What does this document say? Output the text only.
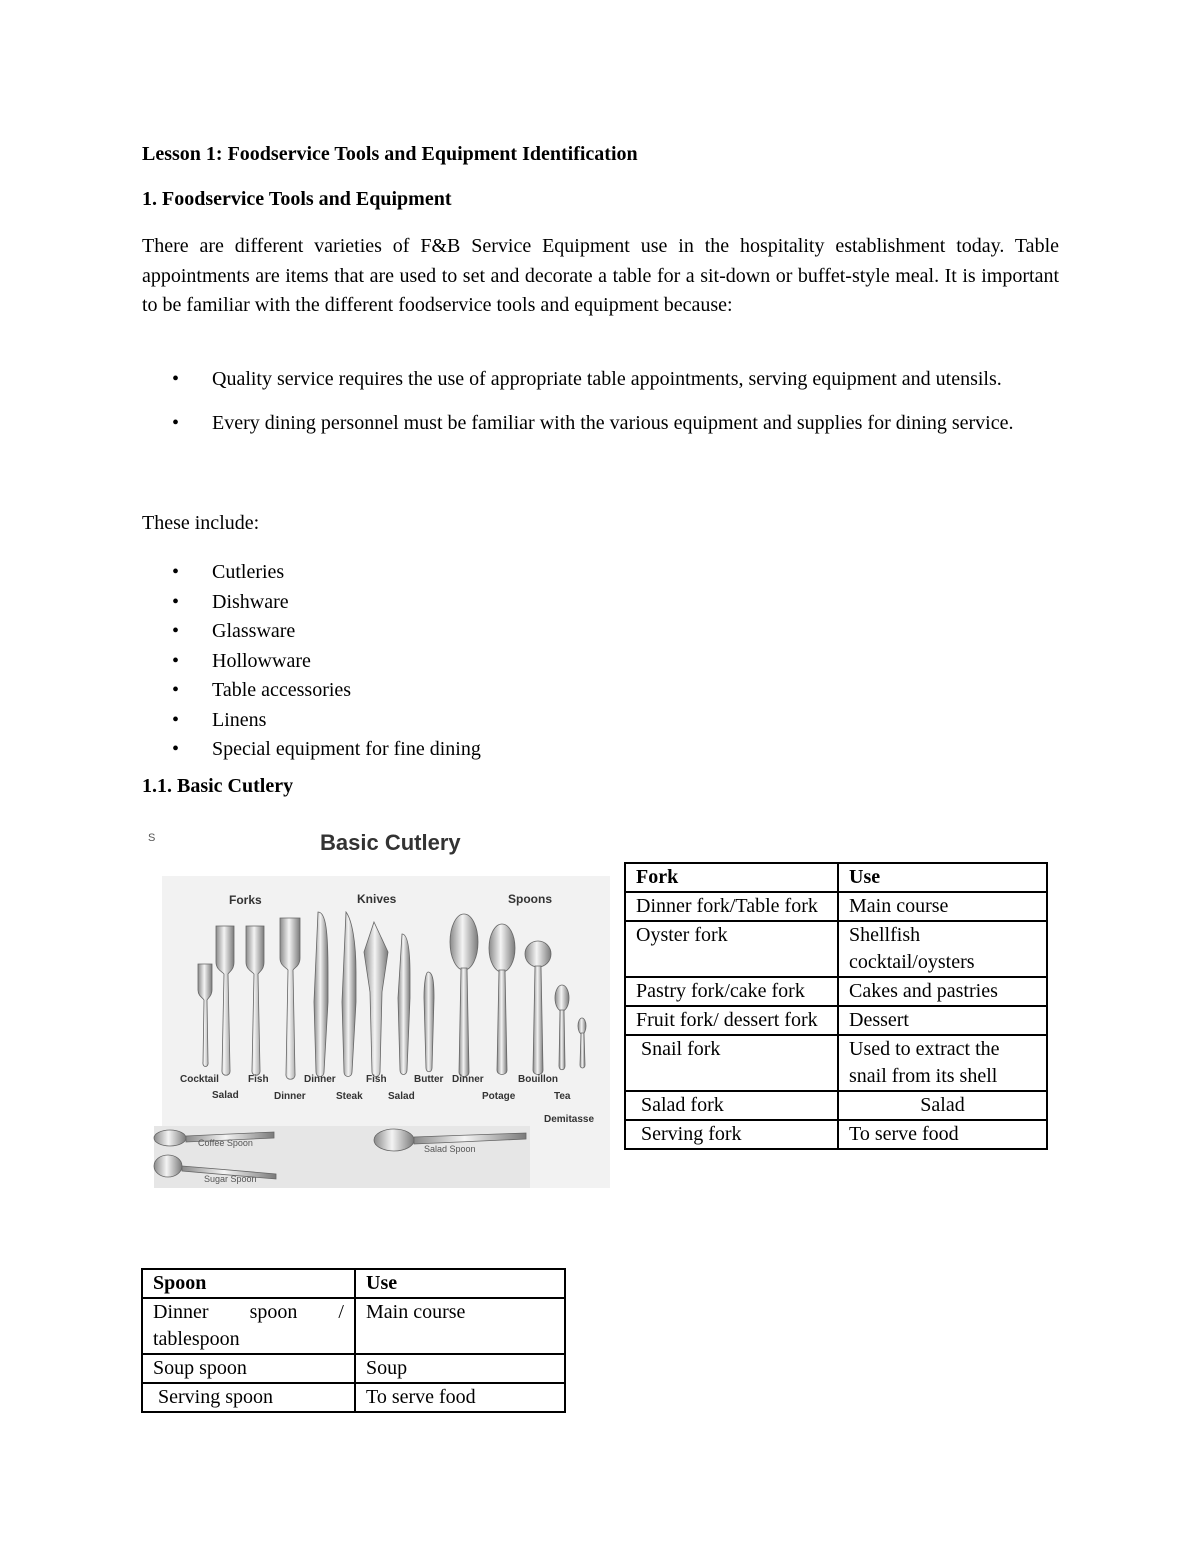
Lesson 1: Foodservice Tools and Equipment Identification

1. Foodservice Tools and Equipment

There are different varieties of F&B Service Equipment use in the hospitality establishment today. Table appointments are items that are used to set and decorate a table for a sit-down or buffet-style meal. It is important to be familiar with the different foodservice tools and equipment because:

• Quality service requires the use of appropriate table appointments, serving equipment and utensils.
• Every dining personnel must be familiar with the various equipment and supplies for dining service.

These include:

• Cutleries
• Dishware
• Glassware
• Hollowware
• Table accessories
• Linens
• Special equipment for fine dining

1.1. Basic Cutlery

S	Basic Cutlery

Forks	Knives	Spoons
Cocktail	Fish	Dinner	Fish	Butter Dinner	Bouillon
Salad	Dinner	Steak	Salad	Potage	Tea
Demitasse
Coffee Spoon
Salad Spoon
Sugar Spoon
Fork	Use
Dinner fork/Table fork	Main course
Oyster fork	Shellfish cocktail/oysters
Pastry fork/cake fork	Cakes and pastries
Fruit fork/ dessert fork	Dessert
Snail fork	Used to extract the snail from its shell
Salad fork	Salad
Serving fork	To serve food
Spoon	Use
Dinner spoon / tablespoon	Main course
Soup spoon	Soup
Serving spoon	To serve food
